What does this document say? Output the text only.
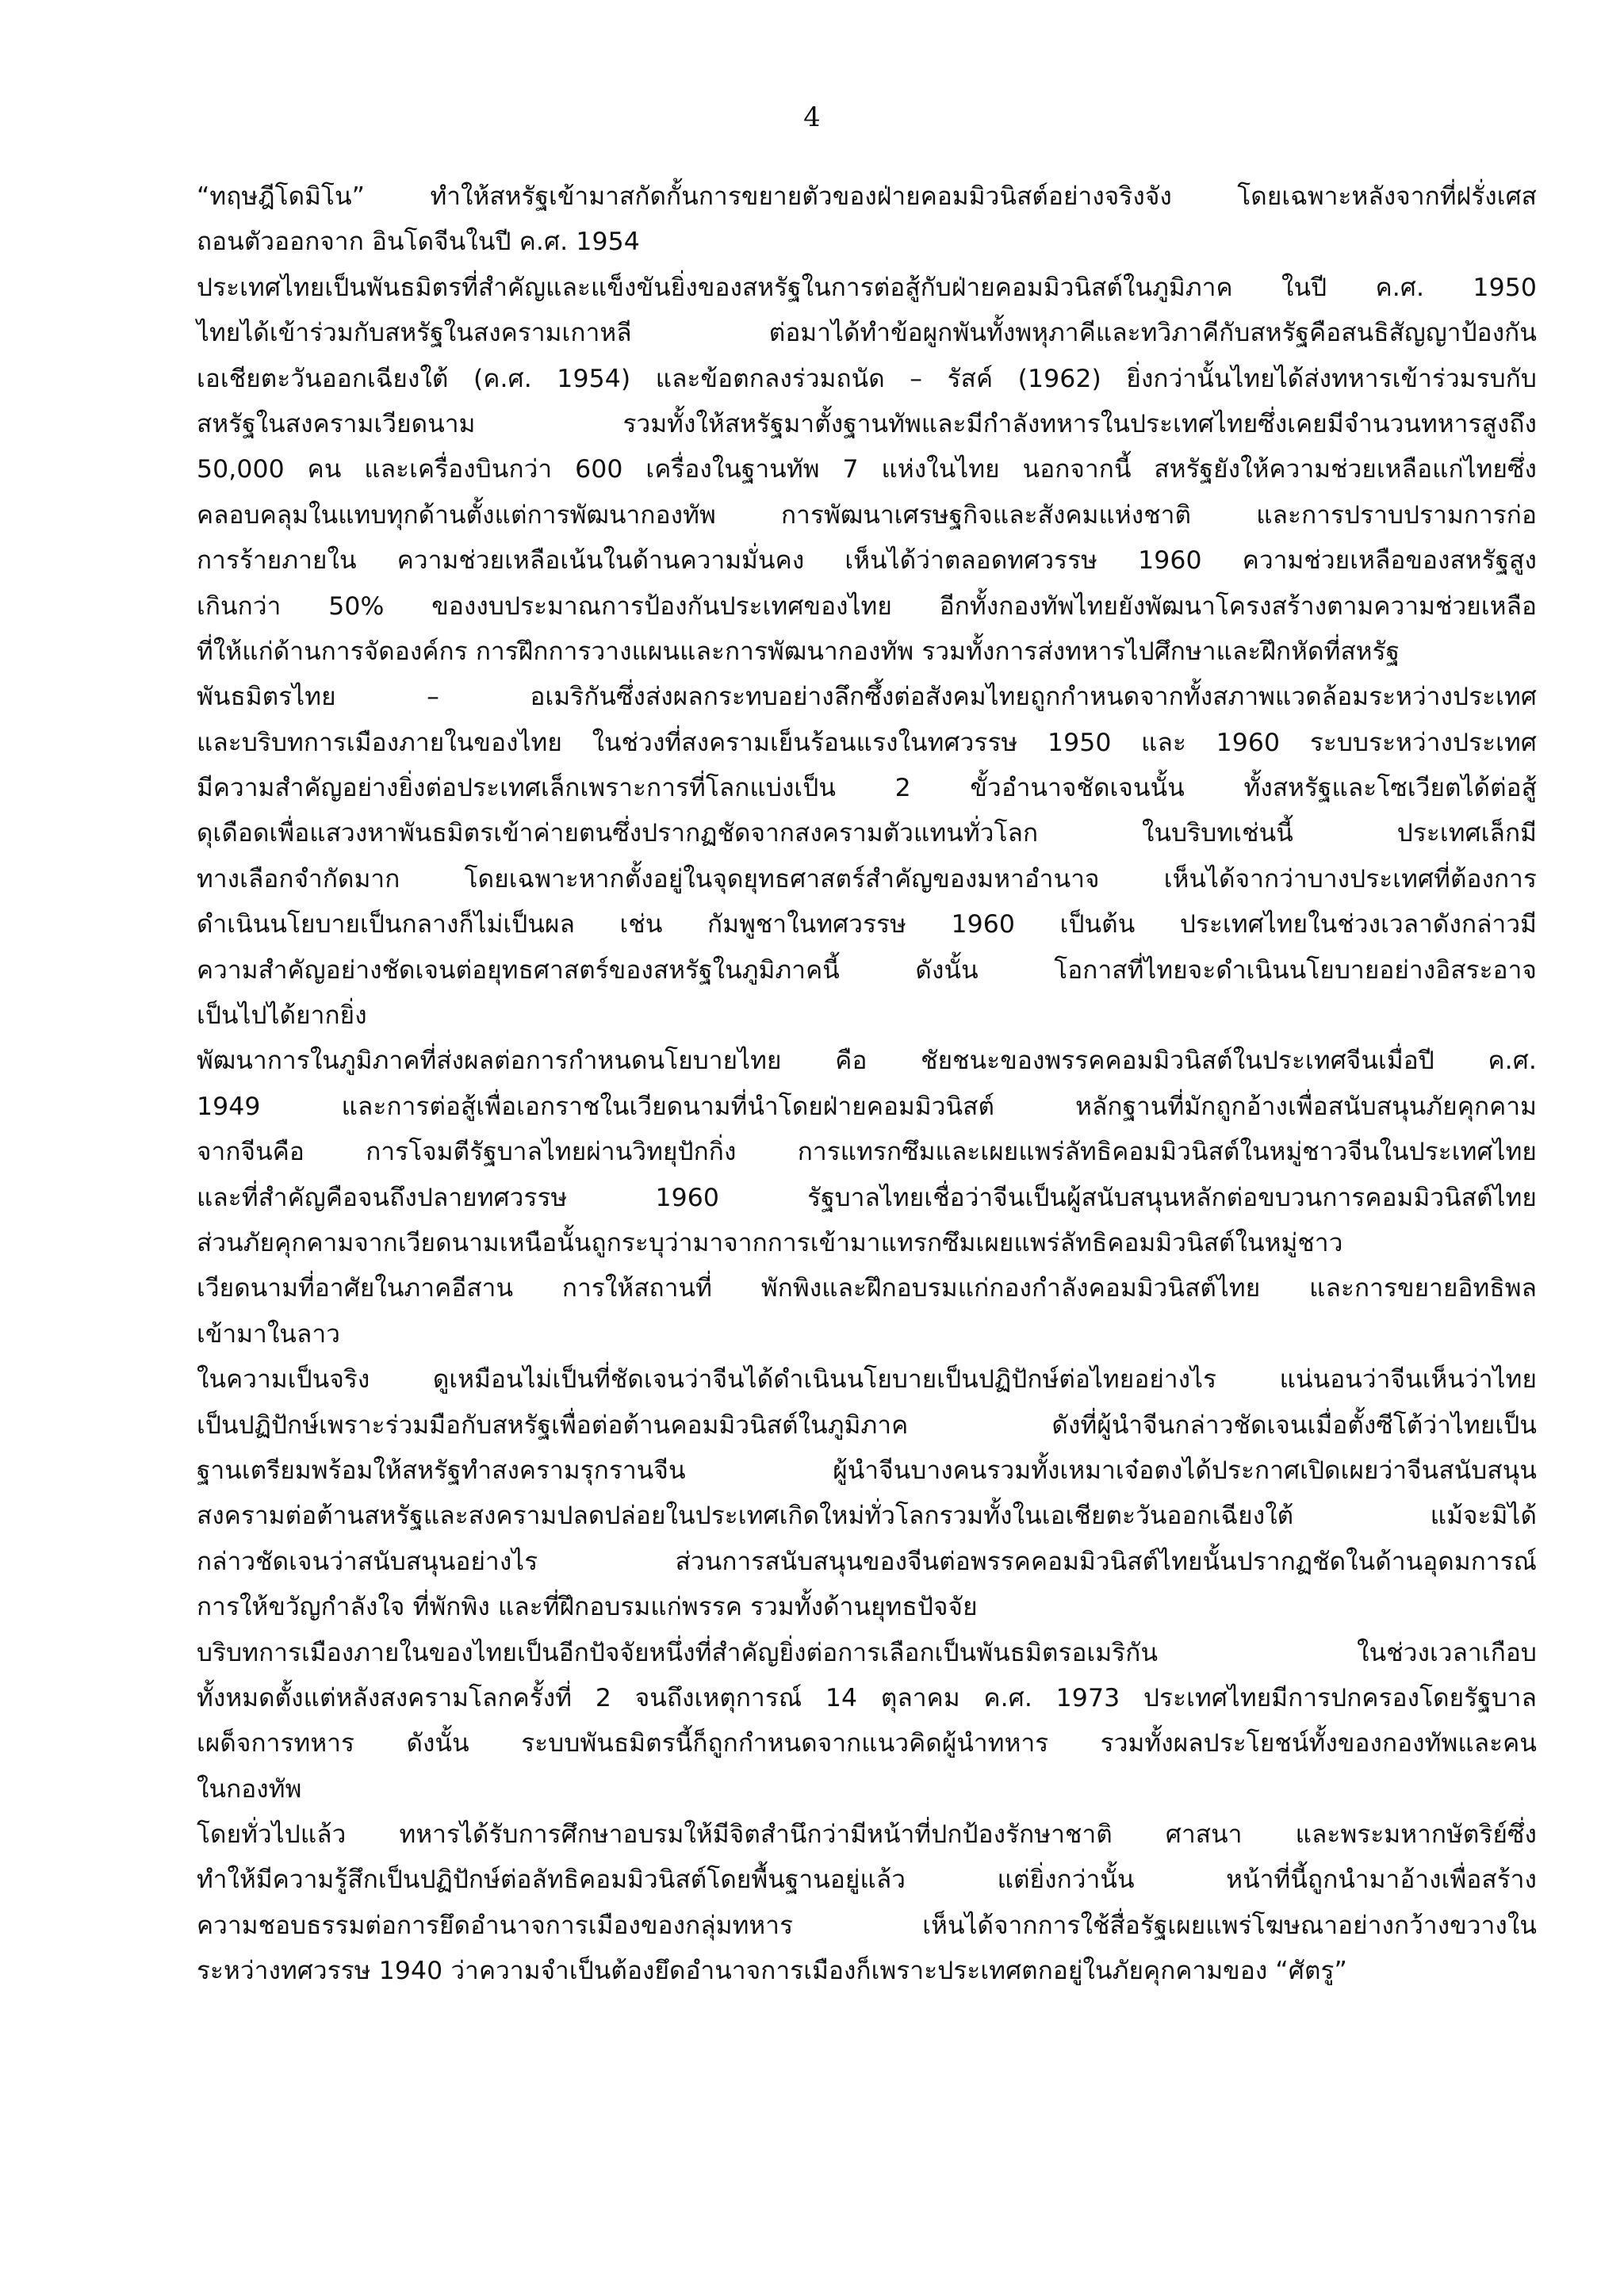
4
“ทฤษฎีโดมิโน” ทำให้สหรัฐเข้ามาสกัดกั้นการขยายตัวของฝ่ายคอมมิวนิสต์อย่างจริงจัง โดยเฉพาะหลังจากที่ฝรั่งเศส
ถอนตัวออกจาก อินโดจีนในปี ค.ศ. 1954
ประเทศไทยเป็นพันธมิตรที่สำคัญและแข็งขันยิ่งของสหรัฐในการต่อสู้กับฝ่ายคอมมิวนิสต์ในภูมิภาค ในปี ค.ศ. 1950
ไทยได้เข้าร่วมกับสหรัฐในสงครามเกาหลี ต่อมาได้ทำข้อผูกพันทั้งพหุภาคีและทวิภาคีกับสหรัฐคือสนธิสัญญาป้องกัน
เอเชียตะวันออกเฉียงใต้ (ค.ศ. 1954) และข้อตกลงร่วมถนัด – รัสค์ (1962) ยิ่งกว่านั้นไทยได้ส่งทหารเข้าร่วมรบกับ
สหรัฐในสงครามเวียดนาม รวมทั้งให้สหรัฐมาตั้งฐานทัพและมีกำลังทหารในประเทศไทยซึ่งเคยมีจำนวนทหารสูงถึง
50,000 คน และเครื่องบินกว่า 600 เครื่องในฐานทัพ 7 แห่งในไทย นอกจากนี้ สหรัฐยังให้ความช่วยเหลือแก่ไทยซึ่ง
คลอบคลุมในแทบทุกด้านตั้งแต่การพัฒนากองทัพ การพัฒนาเศรษฐกิจและสังคมแห่งชาติ และการปราบปรามการก่อ
การร้ายภายใน ความช่วยเหลือเน้นในด้านความมั่นคง เห็นได้ว่าตลอดทศวรรษ 1960 ความช่วยเหลือของสหรัฐสูง
เกินกว่า 50% ของงบประมาณการป้องกันประเทศของไทย อีกทั้งกองทัพไทยยังพัฒนาโครงสร้างตามความช่วยเหลือ
ที่ให้แก่ด้านการจัดองค์กร การฝึกการวางแผนและการพัฒนากองทัพ รวมทั้งการส่งทหารไปศึกษาและฝึกหัดที่สหรัฐ
พันธมิตรไทย – อเมริกันซึ่งส่งผลกระทบอย่างลึกซึ้งต่อสังคมไทยถูกกำหนดจากทั้งสภาพแวดล้อมระหว่างประเทศ
และบริบทการเมืองภายในของไทย ในช่วงที่สงครามเย็นร้อนแรงในทศวรรษ 1950 และ 1960 ระบบระหว่างประเทศ
มีความสำคัญอย่างยิ่งต่อประเทศเล็กเพราะการที่โลกแบ่งเป็น 2 ขั้วอำนาจชัดเจนนั้น ทั้งสหรัฐและโซเวียตได้ต่อสู้
ดุเดือดเพื่อแสวงหาพันธมิตรเข้าค่ายตนซึ่งปรากฏชัดจากสงครามตัวแทนทั่วโลก ในบริบทเช่นนี้ ประเทศเล็กมี
ทางเลือกจำกัดมาก โดยเฉพาะหากตั้งอยู่ในจุดยุทธศาสตร์สำคัญของมหาอำนาจ เห็นได้จากว่าบางประเทศที่ต้องการ
ดำเนินนโยบายเป็นกลางก็ไม่เป็นผล เช่น กัมพูชาในทศวรรษ 1960 เป็นต้น ประเทศไทยในช่วงเวลาดังกล่าวมี
ความสำคัญอย่างชัดเจนต่อยุทธศาสตร์ของสหรัฐในภูมิภาคนี้ ดังนั้น โอกาสที่ไทยจะดำเนินนโยบายอย่างอิสระอาจ
เป็นไปได้ยากยิ่ง
พัฒนาการในภูมิภาคที่ส่งผลต่อการกำหนดนโยบายไทย คือ ชัยชนะของพรรคคอมมิวนิสต์ในประเทศจีนเมื่อปี ค.ศ.
1949 และการต่อสู้เพื่อเอกราชในเวียดนามที่นำโดยฝ่ายคอมมิวนิสต์ หลักฐานที่มักถูกอ้างเพื่อสนับสนุนภัยคุกคาม
จากจีนคือ การโจมตีรัฐบาลไทยผ่านวิทยุปักกิ่ง การแทรกซึมและเผยแพร่ลัทธิคอมมิวนิสต์ในหมู่ชาวจีนในประเทศไทย
และที่สำคัญคือจนถึงปลายทศวรรษ 1960 รัฐบาลไทยเชื่อว่าจีนเป็นผู้สนับสนุนหลักต่อขบวนการคอมมิวนิสต์ไทย
ส่วนภัยคุกคามจากเวียดนามเหนือนั้นถูกระบุว่ามาจากการเข้ามาแทรกซึมเผยแพร่ลัทธิคอมมิวนิสต์ในหมู่ชาว
เวียดนามที่อาศัยในภาคอีสาน การให้สถานที่ พักพิงและฝึกอบรมแก่กองกำลังคอมมิวนิสต์ไทย และการขยายอิทธิพล
เข้ามาในลาว
ในความเป็นจริง ดูเหมือนไม่เป็นที่ชัดเจนว่าจีนได้ดำเนินนโยบายเป็นปฏิปักษ์ต่อไทยอย่างไร แน่นอนว่าจีนเห็นว่าไทย
เป็นปฏิปักษ์เพราะร่วมมือกับสหรัฐเพื่อต่อต้านคอมมิวนิสต์ในภูมิภาค ดังที่ผู้นำจีนกล่าวชัดเจนเมื่อตั้งซีโต้ว่าไทยเป็น
ฐานเตรียมพร้อมให้สหรัฐทำสงครามรุกรานจีน ผู้นำจีนบางคนรวมทั้งเหมาเจ๋อตงได้ประกาศเปิดเผยว่าจีนสนับสนุน
สงครามต่อต้านสหรัฐและสงครามปลดปล่อยในประเทศเกิดใหม่ทั่วโลกรวมทั้งในเอเชียตะวันออกเฉียงใต้ แม้จะมิได้
กล่าวชัดเจนว่าสนับสนุนอย่างไร ส่วนการสนับสนุนของจีนต่อพรรคคอมมิวนิสต์ไทยนั้นปรากฏชัดในด้านอุดมการณ์
การให้ขวัญกำลังใจ ที่พักพิง และที่ฝึกอบรมแก่พรรค รวมทั้งด้านยุทธปัจจัย
บริบทการเมืองภายในของไทยเป็นอีกปัจจัยหนึ่งที่สำคัญยิ่งต่อการเลือกเป็นพันธมิตรอเมริกัน ในช่วงเวลาเกือบ
ทั้งหมดตั้งแต่หลังสงครามโลกครั้งที่ 2 จนถึงเหตุการณ์ 14 ตุลาคม ค.ศ. 1973 ประเทศไทยมีการปกครองโดยรัฐบาล
เผด็จการทหาร ดังนั้น ระบบพันธมิตรนี้ก็ถูกกำหนดจากแนวคิดผู้นำทหาร รวมทั้งผลประโยชน์ทั้งของกองทัพและคน
ในกองทัพ
โดยทั่วไปแล้ว ทหารได้รับการศึกษาอบรมให้มีจิตสำนึกว่ามีหน้าที่ปกป้องรักษาชาติ ศาสนา และพระมหากษัตริย์ซึ่ง
ทำให้มีความรู้สึกเป็นปฏิปักษ์ต่อลัทธิคอมมิวนิสต์โดยพื้นฐานอยู่แล้ว แต่ยิ่งกว่านั้น หน้าที่นี้ถูกนำมาอ้างเพื่อสร้าง
ความชอบธรรมต่อการยึดอำนาจการเมืองของกลุ่มทหาร เห็นได้จากการใช้สื่อรัฐเผยแพร่โฆษณาอย่างกว้างขวางใน
ระหว่างทศวรรษ 1940 ว่าความจำเป็นต้องยึดอำนาจการเมืองก็เพราะประเทศตกอยู่ในภัยคุกคามของ “ศัตรู”
